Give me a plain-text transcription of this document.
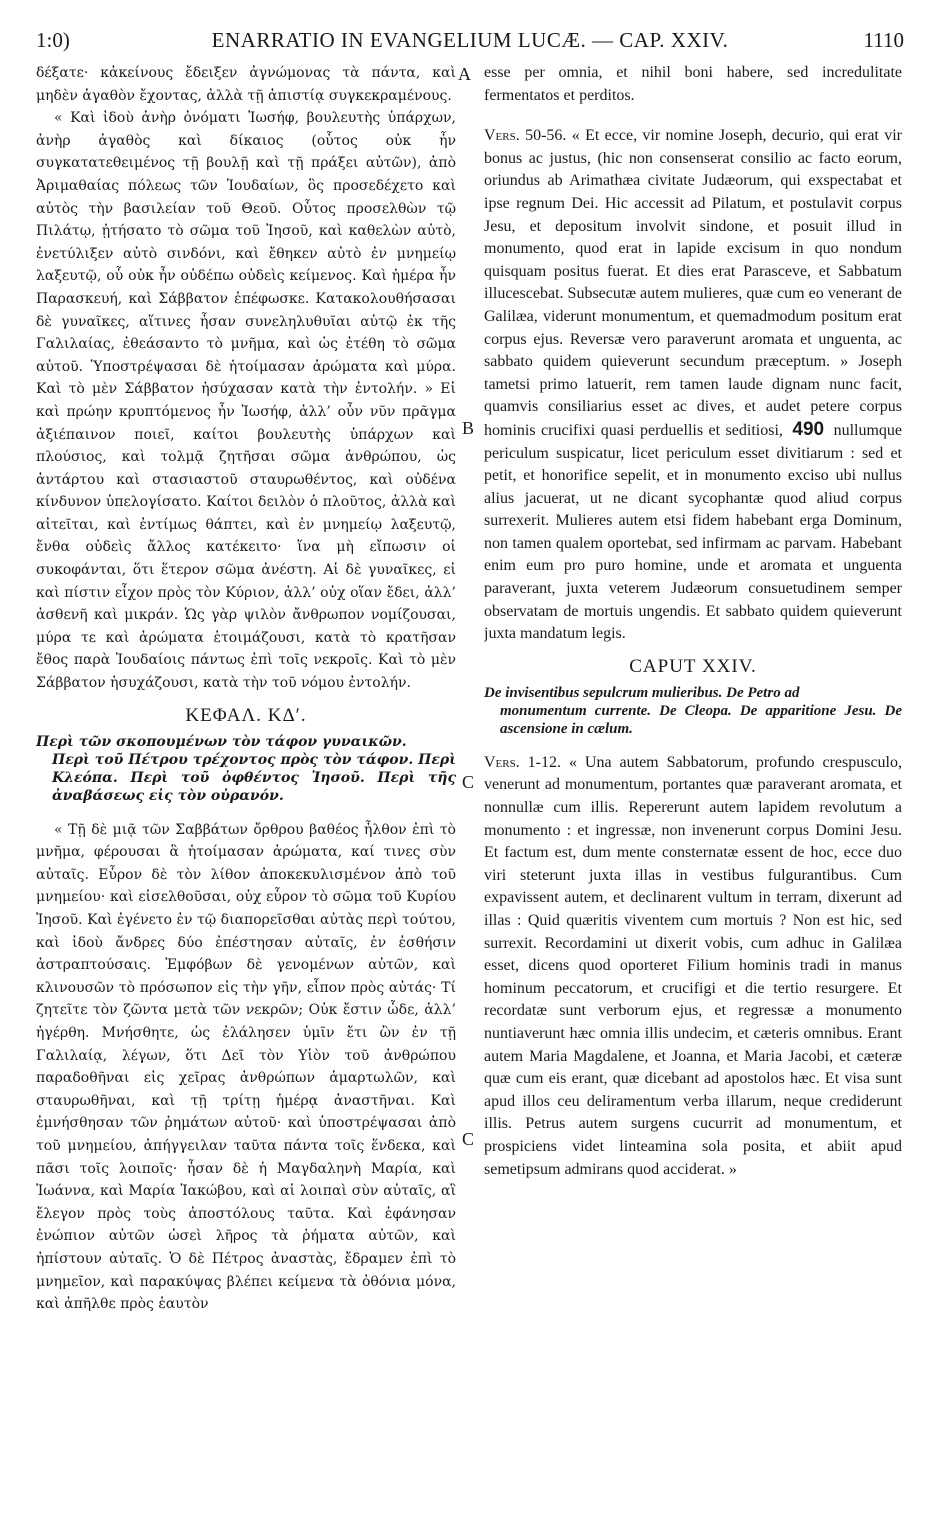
1:0)	ENARRATIO IN EVANGELIUM LUCÆ. — CAP. XXIV.	1110
A
B
C
C

δέξατε· κἀκείνους ἔδειξεν ἀγνώμονας τὰ πάντα, καὶ μηδὲν ἀγαθὸν ἔχοντας, ἀλλὰ τῇ ἀπιστίᾳ συγκεκραμένους.

« Καὶ ἰδοὺ ἀνὴρ ὀνόματι Ἰωσήφ, βουλευτὴς ὑπάρχων, ἀνὴρ ἀγαθὸς καὶ δίκαιος (οὗτος οὐκ ἦν συγκατατεθειμένος τῇ βουλῇ καὶ τῇ πράξει αὐτῶν), ἀπὸ Ἀριμαθαίας πόλεως τῶν Ἰουδαίων, ὃς προσεδέχετο καὶ αὐτὸς τὴν βασιλείαν τοῦ Θεοῦ. Οὗτος προσελθὼν τῷ Πιλάτῳ, ᾐτήσατο τὸ σῶμα τοῦ Ἰησοῦ, καὶ καθελὼν αὐτὸ, ἐνετύλιξεν αὐτὸ σινδόνι, καὶ ἔθηκεν αὐτὸ ἐν μνημείῳ λαξευτῷ, οὗ οὐκ ἦν οὐδέπω οὐδεὶς κείμενος. Καὶ ἡμέρα ἦν Παρασκευή, καὶ Σάββατον ἐπέφωσκε. Κατακολουθήσασαι δὲ γυναῖκες, αἵτινες ἦσαν συνεληλυθυῖαι αὐτῷ ἐκ τῆς Γαλιλαίας, ἐθεάσαντο τὸ μνῆμα, καὶ ὡς ἐτέθη τὸ σῶμα αὐτοῦ. Ὑποστρέψασαι δὲ ἡτοίμασαν ἀρώματα καὶ μύρα. Καὶ τὸ μὲν Σάββατον ἡσύχασαν κατὰ τὴν ἐντολήν. » Εἰ καὶ πρώην κρυπτόμενος ἦν Ἰωσήφ, ἀλλ’ οὖν νῦν πρᾶγμα ἀξιέπαινον ποιεῖ, καίτοι βουλευτὴς ὑπάρχων καὶ πλούσιος, καὶ τολμᾷ ζητῆσαι σῶμα ἀνθρώπου, ὡς ἀντάρτου καὶ στασιαστοῦ σταυρωθέντος, καὶ οὐδένα κίνδυνον ὑπελογίσατο. Καίτοι δειλὸν ὁ πλοῦτος, ἀλλὰ καὶ αἰτεῖται, καὶ ἐντίμως θάπτει, καὶ ἐν μνημείῳ λαξευτῷ, ἔνθα οὐδεὶς ἄλλος κατέκειτο· ἵνα μὴ εἴπωσιν οἱ συκοφάνται, ὅτι ἕτερον σῶμα ἀνέστη. Αἱ δὲ γυναῖκες, εἰ καὶ πίστιν εἶχον πρὸς τὸν Κύριον, ἀλλ’ οὐχ οἵαν ἔδει, ἀλλ’ ἀσθενῆ καὶ μικράν. Ὡς γὰρ ψιλὸν ἄνθρωπον νομίζουσαι, μύρα τε καὶ ἀρώματα ἑτοιμάζουσι, κατὰ τὸ κρατῆσαν ἔθος παρὰ Ἰουδαίοις πάντως ἐπὶ τοῖς νεκροῖς. Καὶ τὸ μὲν Σάββατον ἡσυχάζουσι, κατὰ τὴν τοῦ νόμου ἐντολήν.

ΚΕΦΑΛ. ΚΔ′.
Περὶ τῶν σκοπουμένων τὸν τάφον γυναικῶν.
Περὶ τοῦ Πέτρου τρέχοντος πρὸς τὸν τάφον. Περὶ Κλεόπα. Περὶ τοῦ ὀφθέντος Ἰησοῦ. Περὶ τῆς ἀναβάσεως εἰς τὸν οὐρανόν.

« Τῇ δὲ μιᾷ τῶν Σαββάτων ὄρθρου βαθέος ἦλθον ἐπὶ τὸ μνῆμα, φέρουσαι ἃ ἡτοίμασαν ἀρώματα, καί τινες σὺν αὐταῖς. Εὗρον δὲ τὸν λίθον ἀποκεκυλισμένον ἀπὸ τοῦ μνημείου· καὶ εἰσελθοῦσαι, οὐχ εὗρον τὸ σῶμα τοῦ Κυρίου Ἰησοῦ. Καὶ ἐγένετο ἐν τῷ διαπορεῖσθαι αὐτὰς περὶ τούτου, καὶ ἰδοὺ ἄνδρες δύο ἐπέστησαν αὐταῖς, ἐν ἐσθήσιν ἀστραπτούσαις. Ἐμφόβων δὲ γενομένων αὐτῶν, καὶ κλινουσῶν τὸ πρόσωπον εἰς τὴν γῆν, εἶπον πρὸς αὐτάς· Τί ζητεῖτε τὸν ζῶντα μετὰ τῶν νεκρῶν; Οὐκ ἔστιν ὧδε, ἀλλ’ ἠγέρθη. Μνήσθητε, ὡς ἐλάλησεν ὑμῖν ἔτι ὢν ἐν τῇ Γαλιλαίᾳ, λέγων, ὅτι Δεῖ τὸν Υἱὸν τοῦ ἀνθρώπου παραδοθῆναι εἰς χεῖρας ἀνθρώπων ἁμαρτωλῶν, καὶ σταυρωθῆναι, καὶ τῇ τρίτῃ ἡμέρᾳ ἀναστῆναι. Καὶ ἐμνήσθησαν τῶν ῥημάτων αὐτοῦ· καὶ ὑποστρέψασαι ἀπὸ τοῦ μνημείου, ἀπήγγειλαν ταῦτα πάντα τοῖς ἕνδεκα, καὶ πᾶσι τοῖς λοιποῖς· ἦσαν δὲ ἡ Μαγδαληνὴ Μαρία, καὶ Ἰωάννα, καὶ Μαρία Ἰακώβου, καὶ αἱ λοιπαὶ σὺν αὐταῖς, αἳ ἔλεγον πρὸς τοὺς ἀποστόλους ταῦτα. Καὶ ἐφάνησαν ἐνώπιον αὐτῶν ὡσεὶ λῆρος τὰ ῥήματα αὐτῶν, καὶ ἠπίστουν αὐταῖς. Ὁ δὲ Πέτρος ἀναστὰς, ἔδραμεν ἐπὶ τὸ μνημεῖον, καὶ παρακύψας βλέπει κείμενα τὰ ὀθόνια μόνα, καὶ ἀπῆλθε πρὸς ἑαυτὸν

esse per omnia, et nihil boni habere, sed incredulitate fermentatos et perditos.

Vers. 50-56. « Et ecce, vir nomine Joseph, decurio, qui erat vir bonus ac justus, (hic non consenserat consilio ac facto eorum, oriundus ab Arimathæa civitate Judæorum, qui exspectabat et ipse regnum Dei. Hic accessit ad Pilatum, et postulavit corpus Jesu, et depositum involvit sindone, et posuit illud in monumento, quod erat in lapide excisum in quo nondum quisquam positus fuerat. Et dies erat Parasceve, et Sabbatum illucescebat. Subsecutæ autem mulieres, quæ cum eo venerant de Galilæa, viderunt monumentum, et quemadmodum positum erat corpus ejus. Reversæ vero paraverunt aromata et unguenta, ac sabbato quidem quieverunt secundum præceptum. » Joseph tametsi primo latuerit, rem tamen laude dignam nunc facit, quamvis consiliarius esset ac dives, et audet petere corpus hominis crucifixi quasi perduellis et seditiosi, 490 nullumque periculum suspicatur, licet periculum esset divitiarum : sed et petit, et honorifice sepelit, et in monumento exciso ubi nullus alius jacuerat, ut ne dicant sycophantæ quod aliud corpus surrexerit. Mulieres autem etsi fidem habebant erga Dominum, non tamen qualem oportebat, sed infirmam ac parvam. Habebant enim eum pro puro homine, unde et aromata et unguenta paraverant, juxta veterem Judæorum consuetudinem semper observatam de mortuis ungendis. Et sabbato quidem quieverunt juxta mandatum legis.

CAPUT XXIV.
De invisentibus sepulcrum mulieribus. De Petro ad
monumentum currente. De Cleopa. De apparitione Jesu. De ascensione in cælum.

Vers. 1-12. « Una autem Sabbatorum, profundo crespusculo, venerunt ad monumentum, portantes quæ paraverant aromata, et nonnullæ cum illis. Repererunt autem lapidem revolutum a monumento : et ingressæ, non invenerunt corpus Domini Jesu. Et factum est, dum mente consternatæ essent de hoc, ecce duo viri steterunt juxta illas in vestibus fulgurantibus. Cum expavissent autem, et declinarent vultum in terram, dixerunt ad illas : Quid quæritis viventem cum mortuis ? Non est hic, sed surrexit. Recordamini ut dixerit vobis, cum adhuc in Galilæa esset, dicens quod oporteret Filium hominis tradi in manus hominum peccatorum, et crucifigi et die tertio resurgere. Et recordatæ sunt verborum ejus, et regressæ a monumento nuntiaverunt hæc omnia illis undecim, et cæteris omnibus. Erant autem Maria Magdalene, et Joanna, et Maria Jacobi, et cæteræ quæ cum eis erant, quæ dicebant ad apostolos hæc. Et visa sunt apud illos ceu deliramentum verba illarum, neque crediderunt illis. Petrus autem surgens cucurrit ad monumentum, et prospiciens videt linteamina sola posita, et abiit apud semetipsum admirans quod acciderat. »
